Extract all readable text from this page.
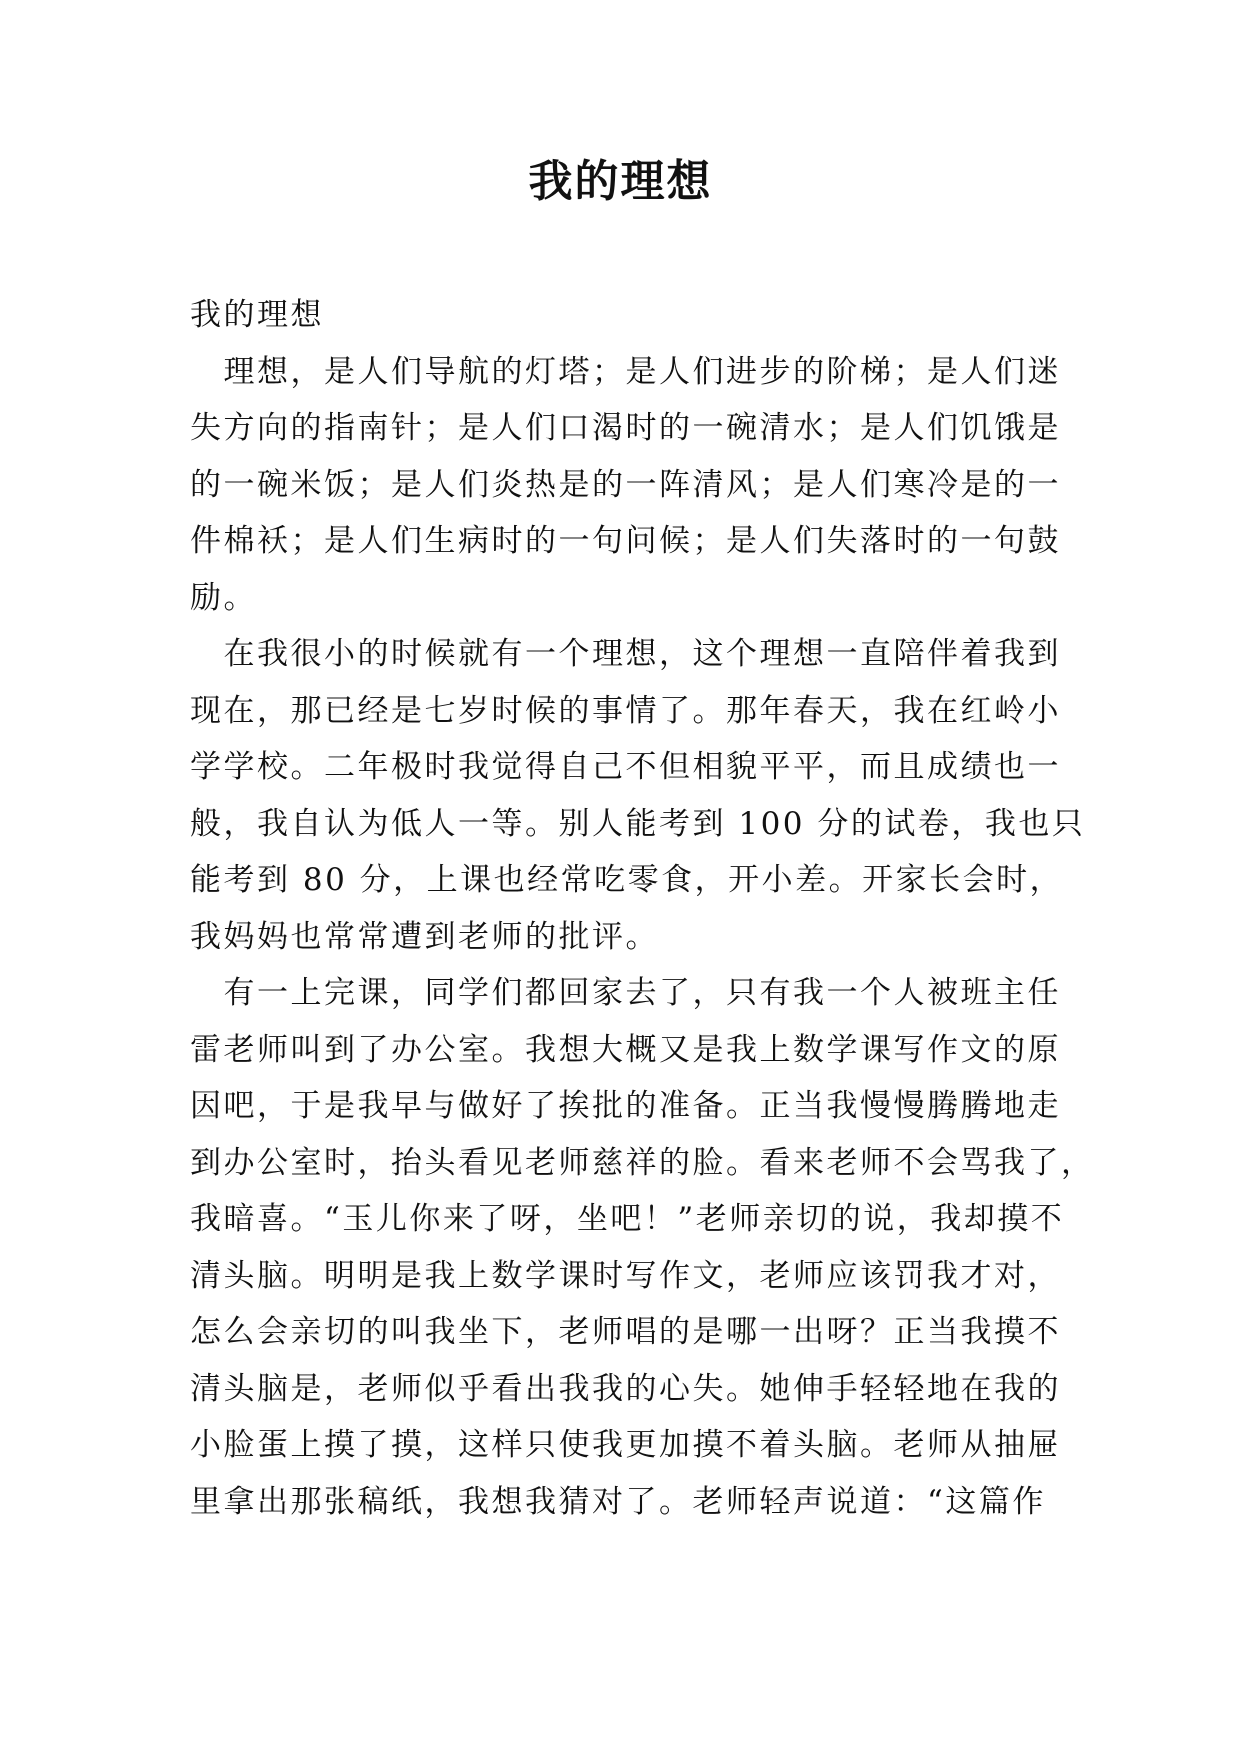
我的理想
我的理想
　理想，是人们导航的灯塔；是人们进步的阶梯；是人们迷
失方向的指南针；是人们口渴时的一碗清水；是人们饥饿是
的一碗米饭；是人们炎热是的一阵清风；是人们寒冷是的一
件棉袄；是人们生病时的一句问候；是人们失落时的一句鼓
励。
　在我很小的时候就有一个理想，这个理想一直陪伴着我到
现在，那已经是七岁时候的事情了。那年春天，我在红岭小
学学校。二年极时我觉得自己不但相貌平平，而且成绩也一
般，我自认为低人一等。别人能考到 100 分的试卷，我也只
能考到 80 分，上课也经常吃零食，开小差。开家长会时，
我妈妈也常常遭到老师的批评。
　有一上完课，同学们都回家去了，只有我一个人被班主任
雷老师叫到了办公室。我想大概又是我上数学课写作文的原
因吧，于是我早与做好了挨批的准备。正当我慢慢腾腾地走
到办公室时，抬头看见老师慈祥的脸。看来老师不会骂我了，
我暗喜。“玉儿你来了呀，坐吧！”老师亲切的说，我却摸不
清头脑。明明是我上数学课时写作文，老师应该罚我才对，
怎么会亲切的叫我坐下，老师唱的是哪一出呀？正当我摸不
清头脑是，老师似乎看出我我的心失。她伸手轻轻地在我的
小脸蛋上摸了摸，这样只使我更加摸不着头脑。老师从抽屉
里拿出那张稿纸，我想我猜对了。老师轻声说道：“这篇作
